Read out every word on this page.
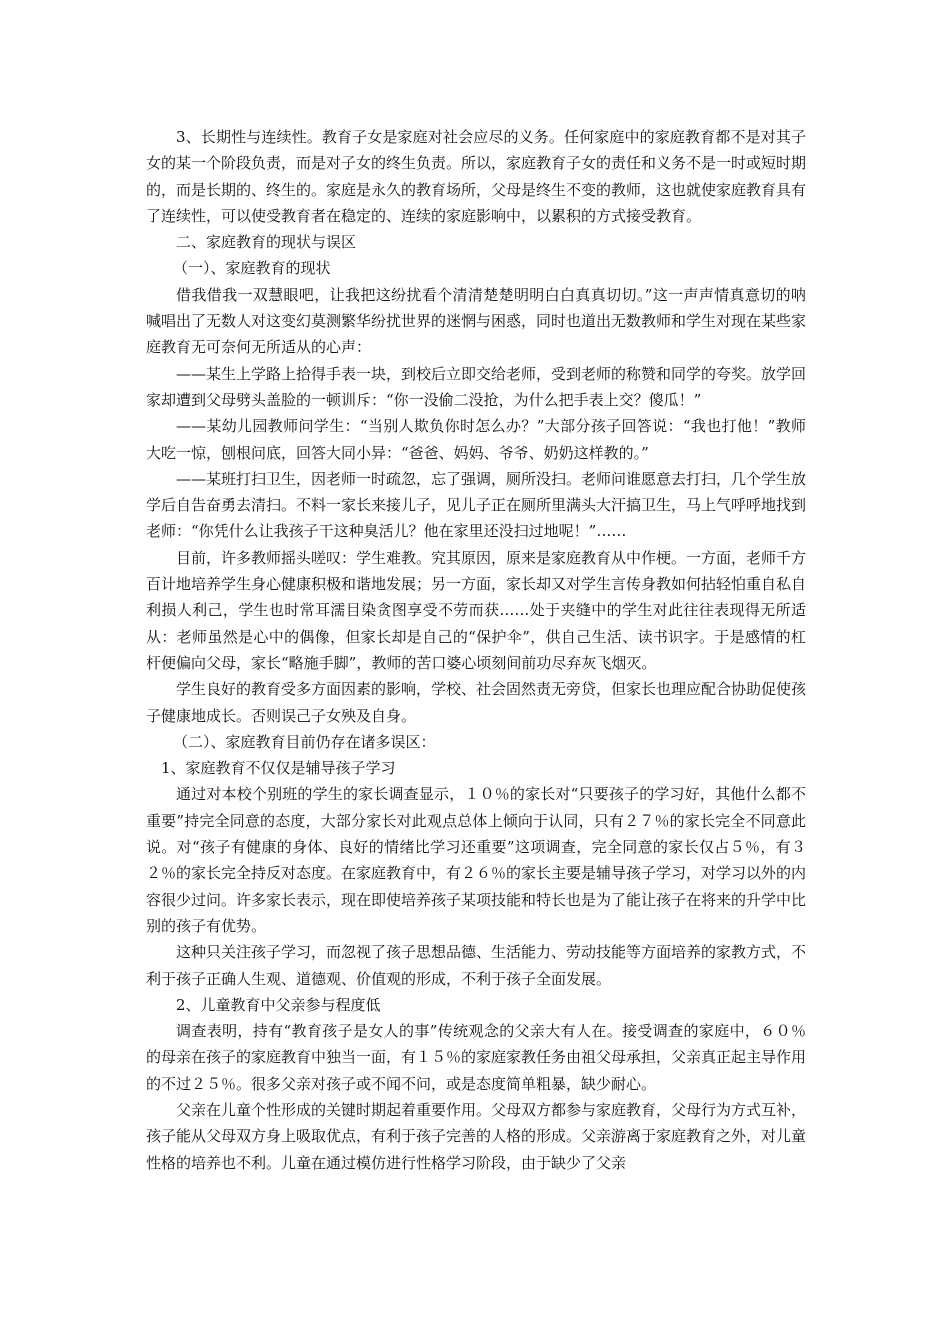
3、长期性与连续性。教育子女是家庭对社会应尽的义务。任何家庭中的家庭教育都不是对其子女的某一个阶段负责，而是对子女的终生负责。所以，家庭教育子女的责任和义务不是一时或短时期的，而是长期的、终生的。家庭是永久的教育场所，父母是终生不变的教师，这也就使家庭教育具有了连续性，可以使受教育者在稳定的、连续的家庭影响中，以累积的方式接受教育。

二、家庭教育的现状与误区

（一）、家庭教育的现状

借我借我一双慧眼吧，让我把这纷扰看个清清楚楚明明白白真真切切。”这一声声情真意切的呐喊唱出了无数人对这变幻莫测繁华纷扰世界的迷惘与困惑，同时也道出无数教师和学生对现在某些家庭教育无可奈何无所适从的心声：

——某生上学路上拾得手表一块，到校后立即交给老师，受到老师的称赞和同学的夸奖。放学回家却遭到父母劈头盖脸的一顿训斥：“你一没偷二没抢，为什么把手表上交？傻瓜！”

——某幼儿园教师问学生：“当别人欺负你时怎么办？”大部分孩子回答说：“我也打他！”教师大吃一惊，刨根问底，回答大同小异：“爸爸、妈妈、爷爷、奶奶这样教的。”

——某班打扫卫生，因老师一时疏忽，忘了强调，厕所没扫。老师问谁愿意去打扫，几个学生放学后自告奋勇去清扫。不料一家长来接儿子，见儿子正在厕所里满头大汗搞卫生，马上气呼呼地找到老师：“你凭什么让我孩子干这种臭活儿？他在家里还没扫过地呢！”……

目前，许多教师摇头嗟叹：学生难教。究其原因，原来是家庭教育从中作梗。一方面，老师千方百计地培养学生身心健康积极和谐地发展；另一方面，家长却又对学生言传身教如何拈轻怕重自私自利损人利己，学生也时常耳濡目染贪图享受不劳而获……处于夹缝中的学生对此往往表现得无所适从：老师虽然是心中的偶像，但家长却是自己的“保护伞”，供自己生活、读书识字。于是感情的杠杆便偏向父母，家长“略施手脚”，教师的苦口婆心顷刻间前功尽弃灰飞烟灭。

学生良好的教育受多方面因素的影响，学校、社会固然责无旁贷，但家长也理应配合协助促使孩子健康地成长。否则误己子女殃及自身。

（二）、家庭教育目前仍存在诸多误区：

1、家庭教育不仅仅是辅导孩子学习

通过对本校个别班的学生的家长调查显示，１０％的家长对“只要孩子的学习好，其他什么都不重要”持完全同意的态度，大部分家长对此观点总体上倾向于认同，只有２７％的家长完全不同意此说。对“孩子有健康的身体、良好的情绪比学习还重要”这项调查，完全同意的家长仅占５％，有３２％的家长完全持反对态度。在家庭教育中，有２６％的家长主要是辅导孩子学习，对学习以外的内容很少过问。许多家长表示，现在即使培养孩子某项技能和特长也是为了能让孩子在将来的升学中比别的孩子有优势。

这种只关注孩子学习，而忽视了孩子思想品德、生活能力、劳动技能等方面培养的家教方式，不利于孩子正确人生观、道德观、价值观的形成，不利于孩子全面发展。

2、儿童教育中父亲参与程度低

调查表明，持有“教育孩子是女人的事”传统观念的父亲大有人在。接受调查的家庭中，６０％的母亲在孩子的家庭教育中独当一面，有１５％的家庭家教任务由祖父母承担，父亲真正起主导作用的不过２５％。很多父亲对孩子或不闻不问，或是态度简单粗暴，缺少耐心。

父亲在儿童个性形成的关键时期起着重要作用。父母双方都参与家庭教育，父母行为方式互补，孩子能从父母双方身上吸取优点，有利于孩子完善的人格的形成。父亲游离于家庭教育之外，对儿童性格的培养也不利。儿童在通过模仿进行性格学习阶段，由于缺少了父亲
